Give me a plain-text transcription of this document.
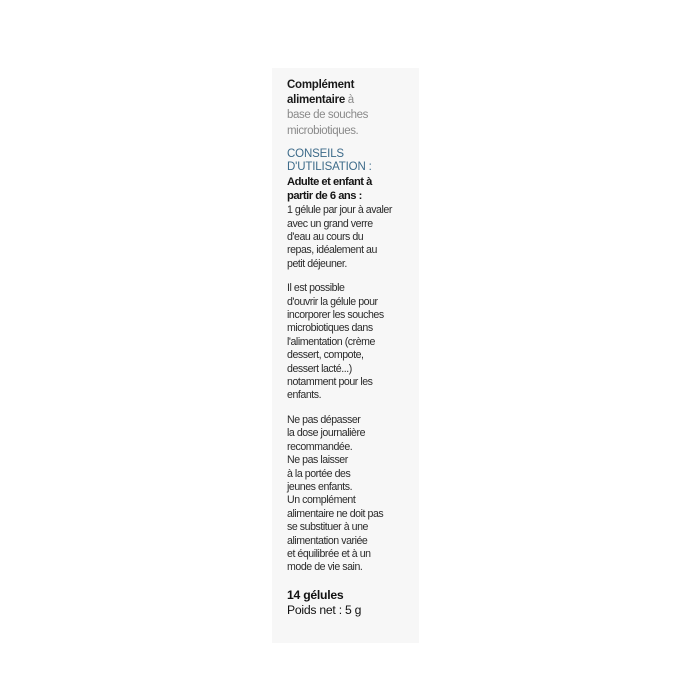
Complément
alimentaire à
base de souches
microbiotiques.

CONSEILS
D'UTILISATION :
Adulte et enfant à
partir de 6 ans :

1 gélule par jour à avaler
avec un grand verre
d'eau au cours du
repas, idéalement au
petit déjeuner.

Il est possible
d'ouvrir la gélule pour
incorporer les souches
microbiotiques dans
l'alimentation (crème
dessert, compote,
dessert lacté...)
notamment pour les
enfants.

Ne pas dépasser
la dose journalière
recommandée.
Ne pas laisser
à la portée des
jeunes enfants.
Un complément
alimentaire ne doit pas
se substituer à une
alimentation variée
et équilibrée et à un
mode de vie sain.

14 gélules
Poids net : 5 g
